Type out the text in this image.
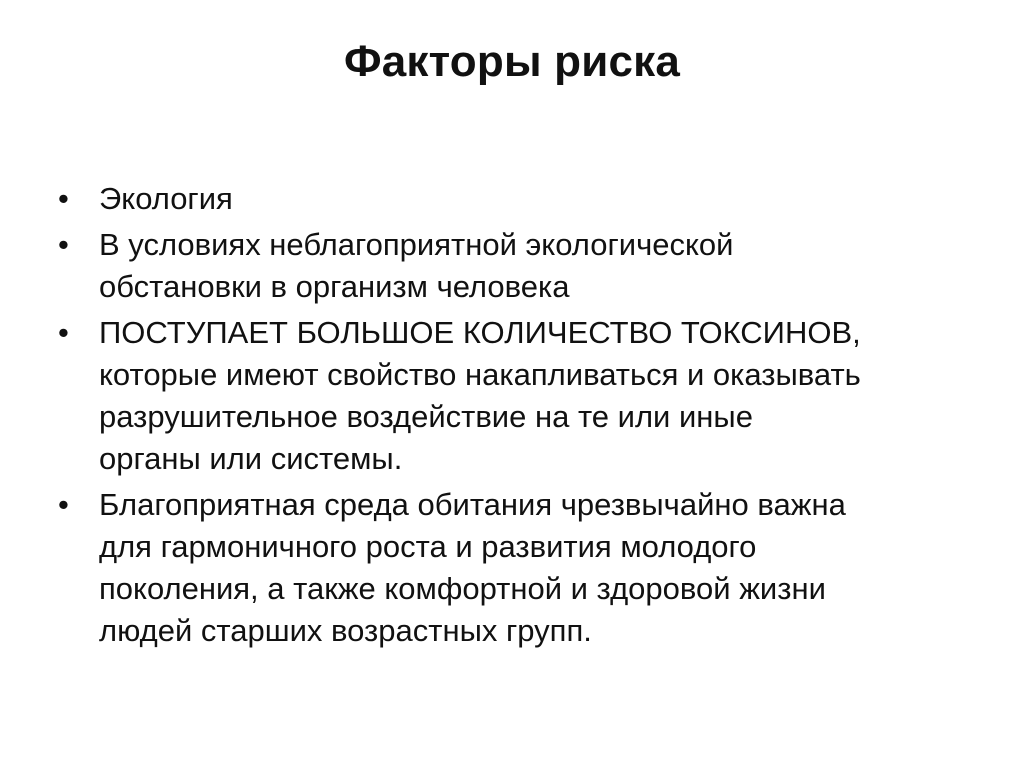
Факторы риска
• Экология
• В условиях неблагоприятной экологической
обстановки в организм человека
• ПОСТУПАЕТ БОЛЬШОЕ КОЛИЧЕСТВО ТОКСИНОВ,
которые имеют свойство накапливаться и оказывать
разрушительное воздействие на те или иные
органы или системы.
• Благоприятная среда обитания чрезвычайно важна
для гармоничного роста и развития молодого
поколения, а также комфортной и здоровой жизни
людей старших возрастных групп.
